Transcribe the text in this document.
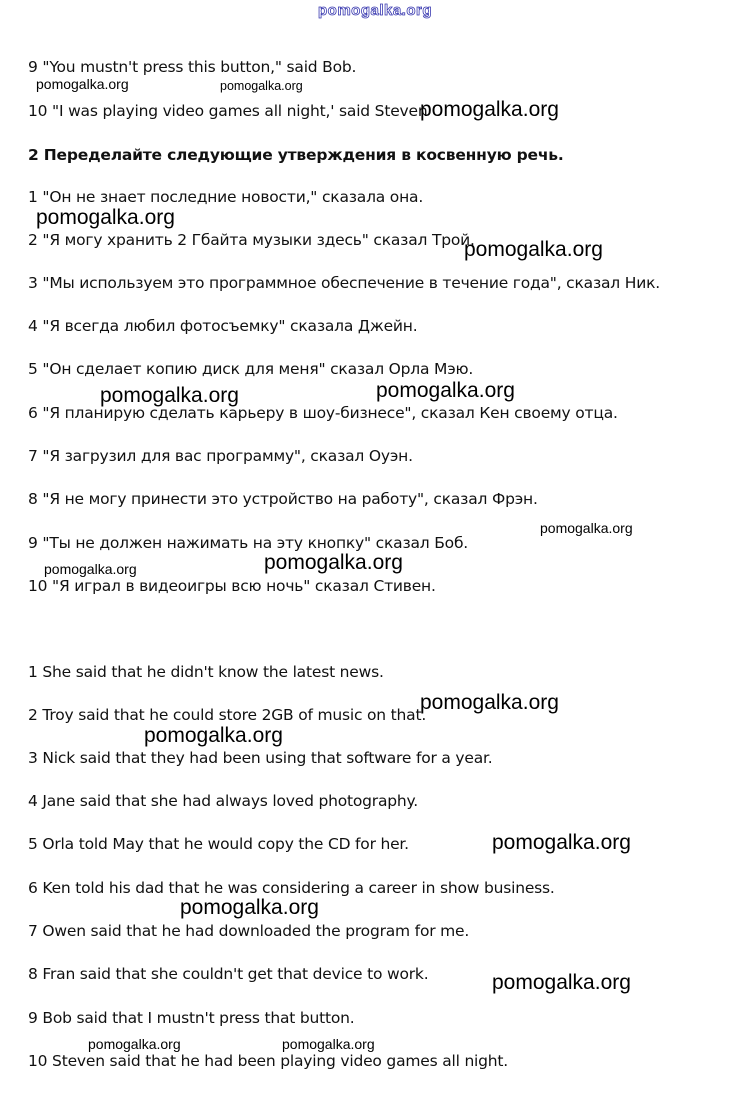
pomogalka.org
9 "You mustn't press this button," said Bob.
10 "I was playing video games all night,' said Steven
2 Переделайте следующие утверждения в косвенную речь.
1 "Он не знает последние новости," сказала она.
2 "Я могу хранить 2 Гбайта музыки здесь" сказал Трой.
3 "Мы используем это программное обеспечение в течение года", сказал Ник.
4 "Я всегда любил фотосъемку" сказала Джейн.
5 "Он сделает копию диск для меня" сказал Орла Мэю.
6 "Я планирую сделать карьеру в шоу-бизнесе", сказал Кен своему отца.
7 "Я загрузил для вас программу", сказал Оуэн.
8 "Я не могу принести это устройство на работу", сказал Фрэн.
9 "Ты не должен нажимать на эту кнопку" сказал Боб.
10 "Я играл в видеоигры всю ночь" сказал Стивен.
1 She said that he didn't know the latest news.
2 Troy said that he could store 2GB of music on that.
3 Nick said that they had been using that software for a year.
4 Jane said that she had always loved photography.
5 Orla told May that he would copy the CD for her.
6 Ken told his dad that he was considering a career in show business.
7 Owen said that he had downloaded the program for me.
8 Fran said that she couldn't get that device to work.
9 Bob said that I mustn't press that button.
10 Steven said that he had been playing video games all night.
pomogalka.org	pomogalka.org
pomogalka.org
pomogalka.org
pomogalka.org
pomogalka.org	pomogalka.org
pomogalka.org
pomogalka.org	pomogalka.org
pomogalka.org
pomogalka.org
pomogalka.org
pomogalka.org
pomogalka.org
pomogalka.org	pomogalka.org
